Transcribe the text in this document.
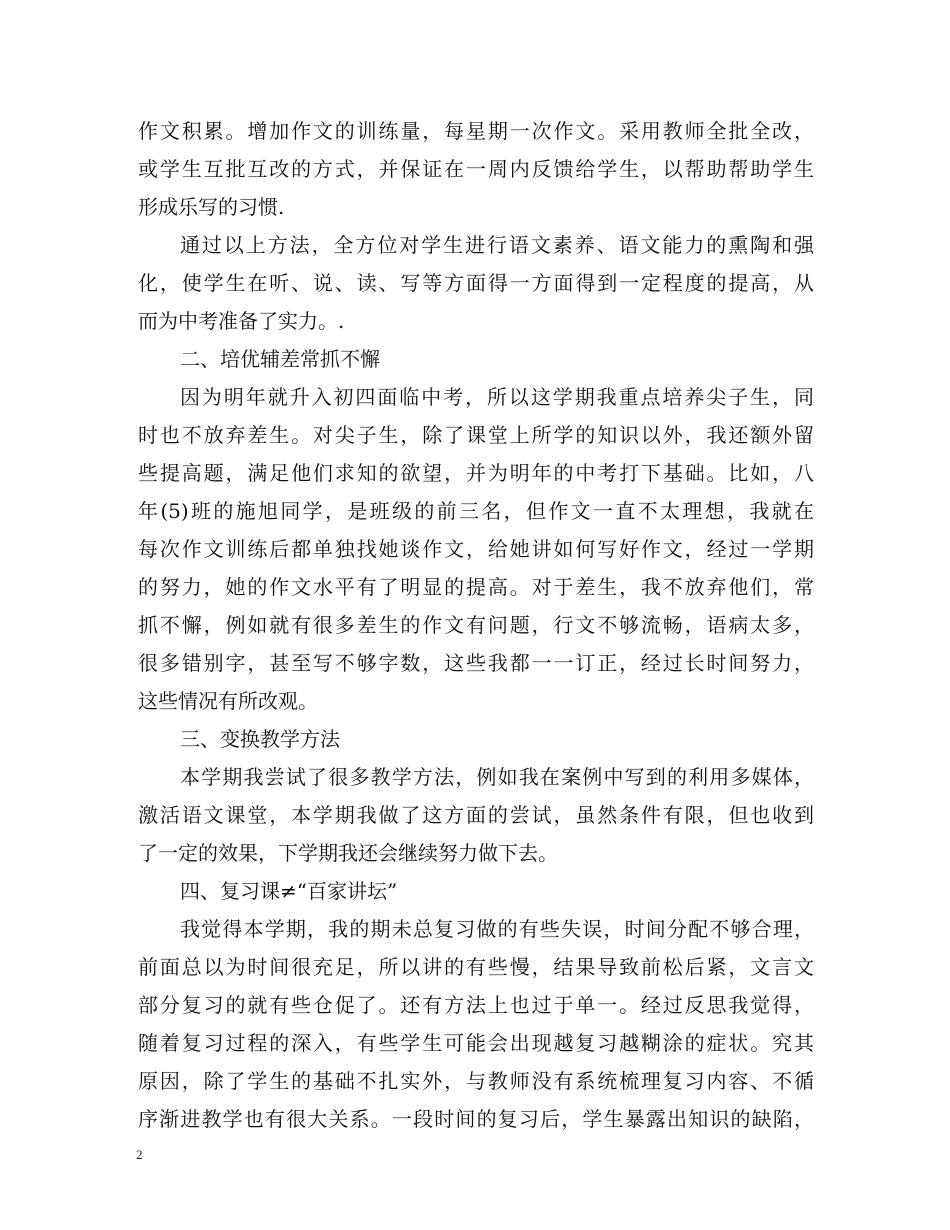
作文积累。增加作文的训练量，每星期一次作文。采用教师全批全改，
或学生互批互改的方式，并保证在一周内反馈给学生，以帮助帮助学生
形成乐写的习惯.
通过以上方法，全方位对学生进行语文素养、语文能力的熏陶和强
化，使学生在听、说、读、写等方面得一方面得到一定程度的提高，从
而为中考准备了实力。.
二、培优辅差常抓不懈
因为明年就升入初四面临中考，所以这学期我重点培养尖子生，同
时也不放弃差生。对尖子生，除了课堂上所学的知识以外，我还额外留
些提高题，满足他们求知的欲望，并为明年的中考打下基础。比如，八
年(5)班的施旭同学，是班级的前三名，但作文一直不太理想，我就在
每次作文训练后都单独找她谈作文，给她讲如何写好作文，经过一学期
的努力，她的作文水平有了明显的提高。对于差生，我不放弃他们，常
抓不懈，例如就有很多差生的作文有问题，行文不够流畅，语病太多，
很多错别字，甚至写不够字数，这些我都一一订正，经过长时间努力，
这些情况有所改观。
三、变换教学方法
本学期我尝试了很多教学方法，例如我在案例中写到的利用多媒体，
激活语文课堂，本学期我做了这方面的尝试，虽然条件有限，但也收到
了一定的效果，下学期我还会继续努力做下去。
四、复习课≠“百家讲坛”
我觉得本学期，我的期未总复习做的有些失误，时间分配不够合理，
前面总以为时间很充足，所以讲的有些慢，结果导致前松后紧，文言文
部分复习的就有些仓促了。还有方法上也过于单一。经过反思我觉得，
随着复习过程的深入，有些学生可能会出现越复习越糊涂的症状。究其
原因，除了学生的基础不扎实外，与教师没有系统梳理复习内容、不循
序渐进教学也有很大关系。一段时间的复习后，学生暴露出知识的缺陷，
2
